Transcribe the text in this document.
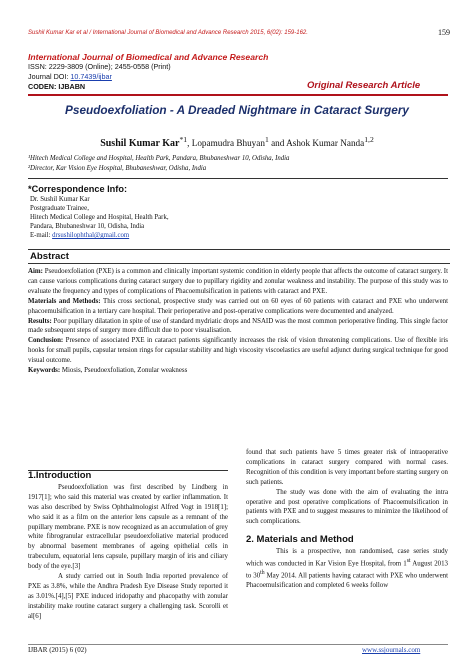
Sushil Kumar Kar et al / International Journal of Biomedical and Advance Research 2015, 6(02): 159-162.	159
International Journal of Biomedical and Advance Research
ISSN: 2229-3809 (Online); 2455-0558 (Print)
Journal DOI: 10.7439/ijbar
CODEN: IJBABN	Original Research Article
Pseudoexfoliation - A Dreaded Nightmare in Cataract Surgery
Sushil Kumar Kar$^{*1}$, Lopamudra Bhuyan$^1$ and Ashok Kumar Nanda$^{1,2}$
¹Hitech Medical College and Hospital, Health Park, Pandara, Bhubaneshwar 10, Odisha, India
²Director, Kar Vision Eye Hospital, Bhubaneshwar, Odisha, India
*Correspondence Info:
Dr. Sushil Kumar Kar
Postgraduate Trainee,
Hitech Medical College and Hospital, Health Park,
Pandara, Bhubaneshwar 10, Odisha, India
E-mail: drsushilophthal@gmail.com
Abstract

Aim: Pseudoexfoliation (PXE) is a common and clinically important systemic condition in elderly people that affects the outcome of cataract surgery. It can cause various complications during cataract surgery due to pupillary rigidity and zonular weakness and instability. The purpose of this study was to evaluate the frequency and types of complications of Phacoemulsification in patients with cataract and PXE.

Materials and Methods: This cross sectional, prospective study was carried out on 60 eyes of 60 patients with cataract and PXE who underwent phacoemulsification in a tertiary care hospital. Their perioperative and post-operative complications were documented and analyzed.

Results: Poor pupillary dilatation in spite of use of standard mydriatic drops and NSAID was the most common perioperative finding. This single factor made subsequent steps of surgery more difficult due to poor visualisation.

Conclusion: Presence of associated PXE in cataract patients significantly increases the risk of vision threatening complications. Use of flexible iris hooks for small pupils, capsular tension rings for capsular stability and high viscosity viscoelastics are useful adjunct during surgical technique for good visual outcome.

Keywords: Miosis, Pseudoexfoliation, Zonular weakness

1.Introduction

Pseudoexfoliation was first described by Lindberg in 1917[1]; who said this material was created by earlier inflammation. It was also described by Swiss Ophthalmologist Alfred Vogt in 1918[1]; who said it as a film on the anterior lens capsule as a remnant of the pupillary membrane. PXE is now recognized as an accumulation of grey white fibrogranular extracellular pseudoexfoliative material produced by abnormal basement membranes of ageing epithelial cells in trabeculum, equatorial lens capsule, pupillary margin of iris and ciliary body of the eye.[3]

A study carried out in South India reported prevalence of PXE as 3.8%, while the Andhra Pradesh Eye Disease Study reported it as 3.01%.[4],[5] PXE induced iridopathy and phacopathy with zonular instability make routine cataract surgery a challenging task. Scorolli et al[6]

found that such patients have 5 times greater risk of intraoperative complications in cataract surgery compared with normal cases. Recognition of this condition is very important before starting surgery on such patients.

The study was done with the aim of evaluating the intra operative and post operative complications of Phacoemulsification in patients with PXE and to suggest measures to minimize the likelihood of such complications.

2. Materials and Method

This is a prospective, non randomised, case series study which was conducted in Kar Vision Eye Hospital, from 1st August 2013 to 30th May 2014. All patients having cataract with PXE who underwent Phacoemulsification and completed 6 weeks follow

IJBAR (2015) 6 (02)	www.ssjournals.com
